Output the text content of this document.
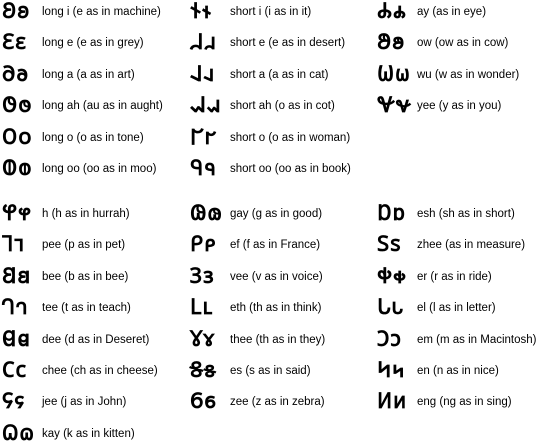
𐐂𐐪	long i (e as in machine)
𐐁𐐩	long e (e as in grey)
𐐀𐐨	long a (a as in art)
𐐃𐐫 long ah (au as in aught)
𐐄𐐬 long o (o as in tone)
𐐅𐐭 long oo (oo as in moo)
𐐆𐐮	short i (i as in it)
𐐇𐐯	short e (e as in desert)
𐐈𐐰	short a (a as in cat)
𐐉𐐱 short ah (o as in cot)
𐐊𐐲	short o (o as in woman)
𐐋𐐳	short oo (oo as in book)
𐐌𐐴 ay (as in eye)
𐐍𐐵	ow (ow as in cow)
𐐎𐐶 wu (w as in wonder)
𐐏𐐷 yee (y as in you)
𐐐𐐸 h (h as in hurrah)
𐐑𐐹	pee (p as in pet)
𐐒𐐺 bee (b as in bee)
𐐓𐐻	tee (t as in teach)
𐐔𐐼 dee (d as in Deseret)
𐐕𐐽	chee (ch as in cheese)
𐐖𐐾	jee (j as in John)
𐐗𐐿 kay (k as in kitten)
𐐘𐑀 gay (g as in good)
𐐙𐑁	ef (f as in France)
𐐚𐑂	vee (v as in voice)
𐐛𐑃	eth (th as in think)
𐐜𐑄	thee (th as in they)
𐐝𐑅	es (s as in said)
𐐞𐑆	zee (z as in zebra)
𐐟𐑇 esh (sh as in short)
𐐠𐑈	zhee (as in measure)
𐐡𐑉 er (r as in ride)
𐐢𐑊	el (l as in letter)
𐐣𐑋	em (m as in Macintosh)
𐐤𐑌	en (n as in nice)
𐐥𐑍 eng (ng as in sing)
